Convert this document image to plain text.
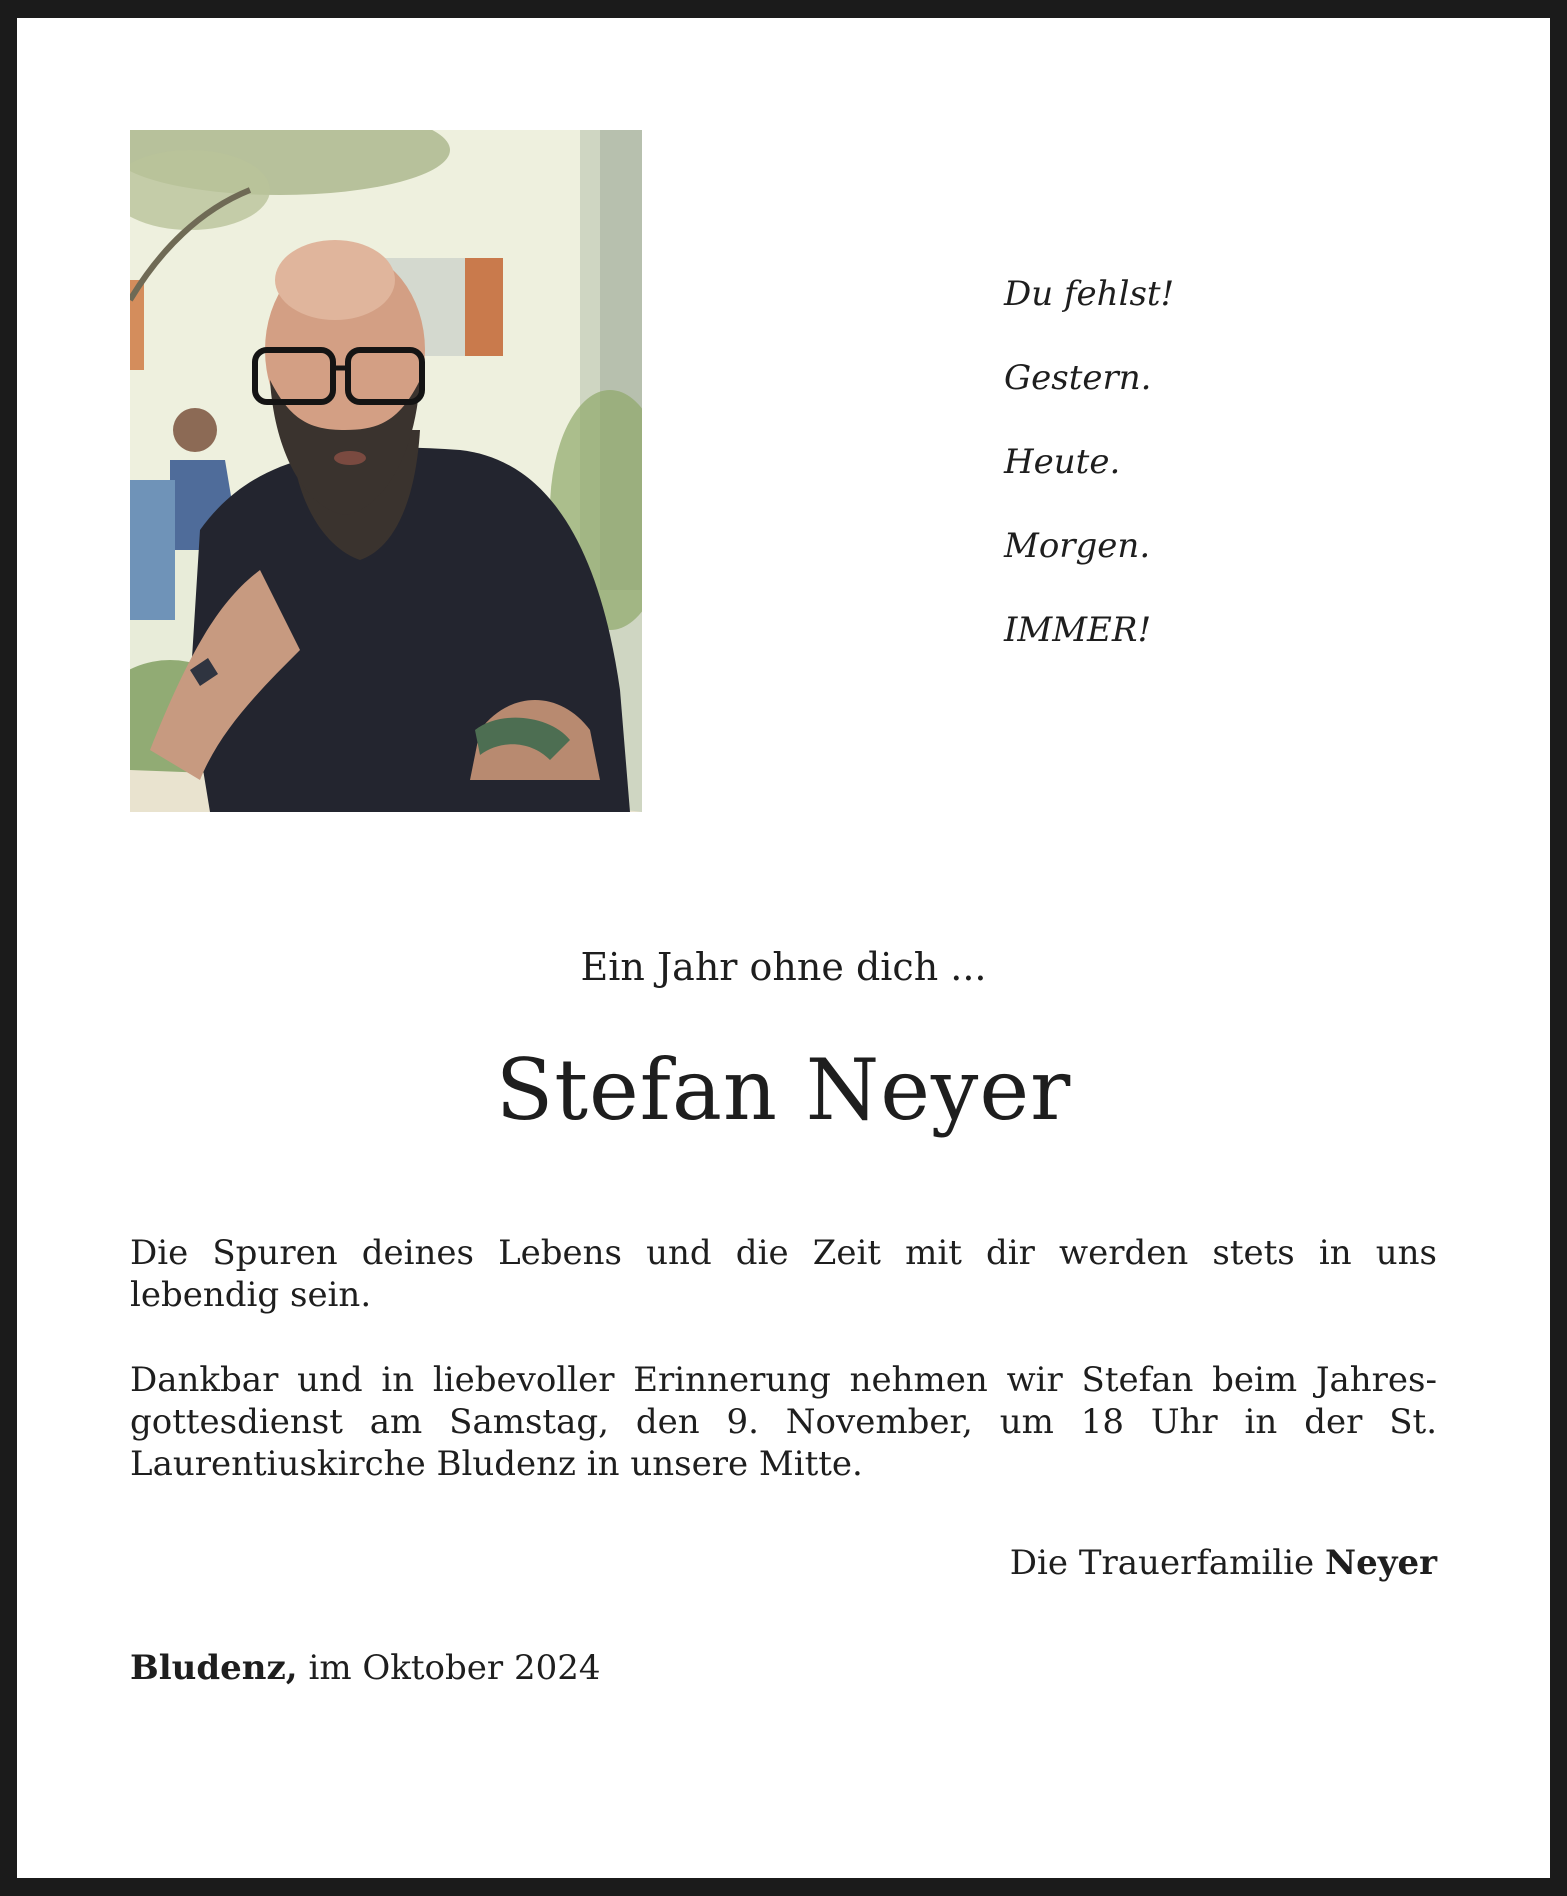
Du fehlst!
Gestern.
Heute.
Morgen.
IMMER!
Ein Jahr ohne dich ...
Stefan Neyer
Die Spuren deines Lebens und die Zeit mit dir werden stets in uns lebendig sein.
Dankbar und in liebevoller Erinnerung nehmen wir Stefan beim Jahresgottesdienst am Samstag, den 9. November, um 18 Uhr in der St. Laurentiuskirche Bludenz in unsere Mitte.
Die Trauerfamilie Neyer
Bludenz, im Oktober 2024
